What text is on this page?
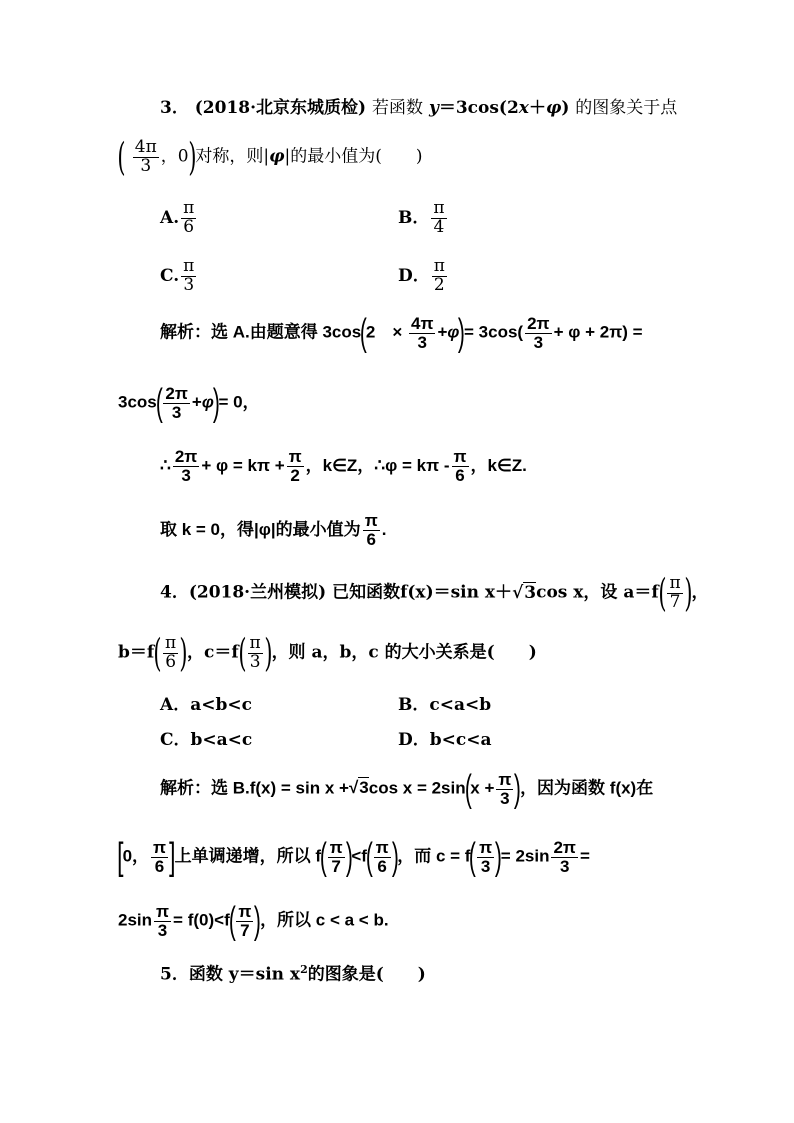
3． (2018·北京东城质检) 若函数 y＝3cos(2x＋φ) 的图象关于点
( $\frac{4\pi}{3}$ ，0)对称，则|φ|的最小值为(　　)
A. $\frac{\pi}{6}$	B． $\frac{\pi}{4}$
C. $\frac{\pi}{3}$	D． $\frac{\pi}{2}$
解析：选 A.由题意得 3cos(2　× $\frac{4\pi}{3} +\varphi)= 3\cos( \frac{2\pi}{3} + \varphi + 2\pi)$ =
$3\cos( \frac{2\pi}{3} +\varphi)= 0$，
∴ $\frac{2\pi}{3} + \varphi = k\pi + \frac{\pi}{2}$ ，k∈Z，∴φ = kπ - $\frac{\pi}{6}$ ，k∈Z.
取 k = 0，得|φ|的最小值为 $\frac{\pi}{6}$ .
4．(2018·兰州模拟) 已知函数f(x)＝sin x＋√3cos x，设 $a=f( \frac{\pi}{7}$ )，
$b=f( \frac{\pi}{6}$ )，$c=f( \frac{\pi}{3}$ )，则 a，b，c 的大小关系是(　　)
A．a<b<c	B．c<a<b
C．b<a<c	D．b<c<a
解析：选 B.f(x) = sin x +√3cos $x = 2\sin(x + \frac{\pi}{3}$ )，因为函数 f(x)在
[0， $\frac{\pi}{6}$ ]上单调递增，所以 $f( \frac{\pi}{7} )<f( \frac{\pi}{6}$ )，而 $c = f( \frac{\pi}{3}$ )= $2\sin \frac{2\pi}{3}$ =
$2\sin \frac{\pi}{3} = f(0)<f( \frac{\pi}{7}$ )，所以 c < a < b.
5．函数 y＝sin $x^2$的图象是(　　)
